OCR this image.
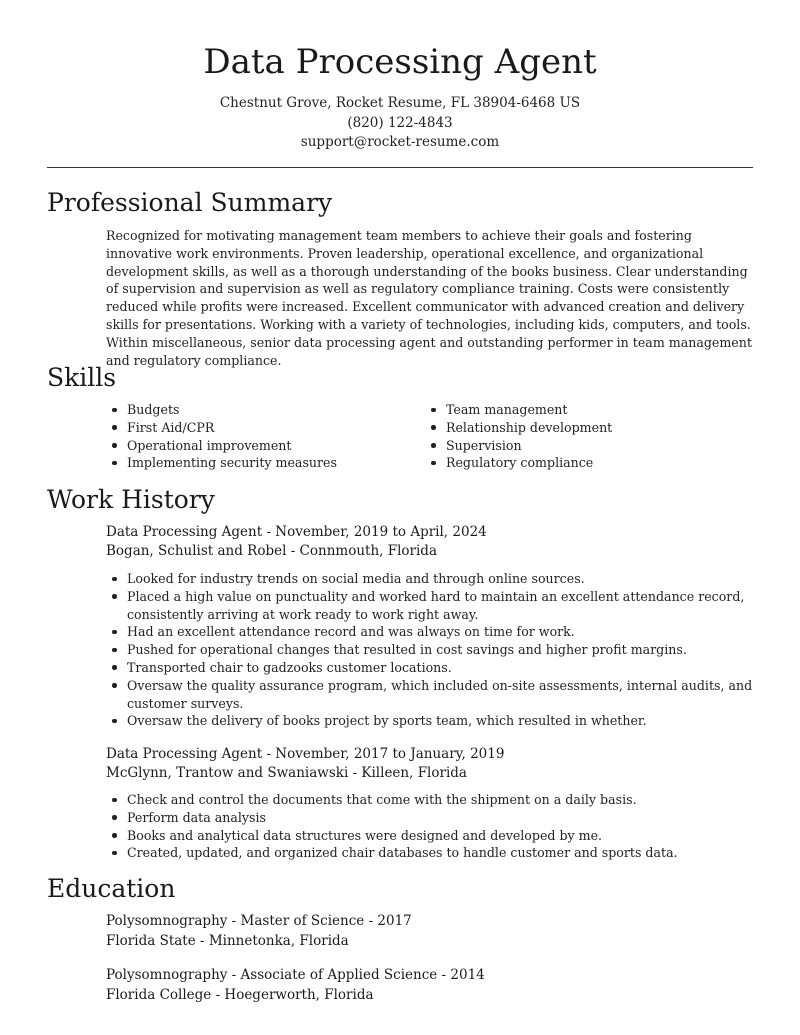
Data Processing Agent
Chestnut Grove, Rocket Resume, FL 38904-6468 US
(820) 122-4843
support@rocket-resume.com
Professional Summary

Recognized for motivating management team members to achieve their goals and fostering innovative work environments. Proven leadership, operational excellence, and organizational development skills, as well as a thorough understanding of the books business. Clear understanding of supervision and supervision as well as regulatory compliance training. Costs were consistently reduced while profits were increased. Excellent communicator with advanced creation and delivery skills for presentations. Working with a variety of technologies, including kids, computers, and tools. Within miscellaneous, senior data processing agent and outstanding performer in team management and regulatory compliance.

Skills
Budgets
First Aid/CPR
Operational improvement
Implementing security measures
Team management
Relationship development
Supervision
Regulatory compliance
Work History
Data Processing Agent - November, 2019 to April, 2024
Bogan, Schulist and Robel - Connmouth, Florida
Looked for industry trends on social media and through online sources.
Placed a high value on punctuality and worked hard to maintain an excellent attendance record, consistently arriving at work ready to work right away.
Had an excellent attendance record and was always on time for work.
Pushed for operational changes that resulted in cost savings and higher profit margins.
Transported chair to gadzooks customer locations.
Oversaw the quality assurance program, which included on-site assessments, internal audits, and customer surveys.
Oversaw the delivery of books project by sports team, which resulted in whether.
Data Processing Agent - November, 2017 to January, 2019
McGlynn, Trantow and Swaniawski - Killeen, Florida
Check and control the documents that come with the shipment on a daily basis.
Perform data analysis
Books and analytical data structures were designed and developed by me.
Created, updated, and organized chair databases to handle customer and sports data.
Education
Polysomnography - Master of Science - 2017
Florida State - Minnetonka, Florida
Polysomnography - Associate of Applied Science - 2014
Florida College - Hoegerworth, Florida
